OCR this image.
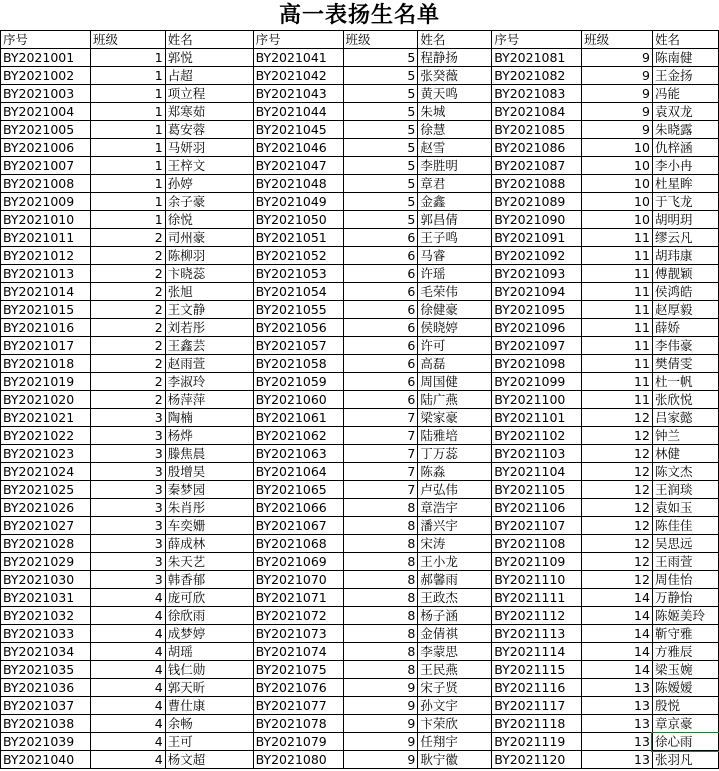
高一表扬生名单
序号	班级	姓名	序号	班级	姓名	序号	班级	姓名
BY2021001	1	郭悦	BY2021041	5	程静扬	BY2021081	9	陈南健
BY2021002	1	占超	BY2021042	5	张癸薇	BY2021082	9	王金扬
BY2021003	1	项立程	BY2021043	5	黄天鸣	BY2021083	9	冯能
BY2021004	1	郑寒茹	BY2021044	5	朱城	BY2021084	9	袁双龙
BY2021005	1	葛安蓉	BY2021045	5	徐慧	BY2021085	9	朱晓露
BY2021006	1	马妍羽	BY2021046	5	赵雪	BY2021086	10	仇梓涵
BY2021007	1	王梓文	BY2021047	5	李胜明	BY2021087	10	李小冉
BY2021008	1	孙婷	BY2021048	5	章君	BY2021088	10	杜星眸
BY2021009	1	余子豪	BY2021049	5	金鑫	BY2021089	10	于飞龙
BY2021010	1	徐悦	BY2021050	5	郭昌倩	BY2021090	10	胡明玥
BY2021011	2	司州豪	BY2021051	6	王子鸣	BY2021091	11	缪云凡
BY2021012	2	陈柳羽	BY2021052	6	马睿	BY2021092	11	胡玮康
BY2021013	2	卞晓蕊	BY2021053	6	许瑶	BY2021093	11	傅靓颖
BY2021014	2	张旭	BY2021054	6	毛荣伟	BY2021094	11	侯鸿皓
BY2021015	2	王文静	BY2021055	6	徐健豪	BY2021095	11	赵厚毅
BY2021016	2	刘若彤	BY2021056	6	侯晓婷	BY2021096	11	薛娇
BY2021017	2	王鑫芸	BY2021057	6	许可	BY2021097	11	李伟豪
BY2021018	2	赵雨萱	BY2021058	6	高磊	BY2021098	11	樊倩雯
BY2021019	2	李淑玲	BY2021059	6	周国健	BY2021099	11	杜一帆
BY2021020	2	杨萍萍	BY2021060	6	陆广燕	BY2021100	11	张欣悦
BY2021021	3	陶楠	BY2021061	7	梁家豪	BY2021101	12	吕家懿
BY2021022	3	杨烨	BY2021062	7	陆雅培	BY2021102	12	钟兰
BY2021023	3	滕焦晨	BY2021063	7	丁万蕊	BY2021103	12	林健
BY2021024	3	殷增昊	BY2021064	7	陈淼	BY2021104	12	陈文杰
BY2021025	3	秦梦园	BY2021065	7	卢弘伟	BY2021105	12	王润琰
BY2021026	3	朱肖彤	BY2021066	8	章浩宇	BY2021106	12	袁如玉
BY2021027	3	车奕姗	BY2021067	8	潘兴宇	BY2021107	12	陈佳佳
BY2021028	3	薛成林	BY2021068	8	宋涛	BY2021108	12	吴思远
BY2021029	3	朱天艺	BY2021069	8	王小龙	BY2021109	12	王雨萱
BY2021030	3	韩香郁	BY2021070	8	郝馨雨	BY2021110	12	周佳怡
BY2021031	4	庞可欣	BY2021071	8	王政杰	BY2021111	14	万静怡
BY2021032	4	徐欣雨	BY2021072	8	杨子涵	BY2021112	14	陈姬美玲
BY2021033	4	成梦婷	BY2021073	8	金倩祺	BY2021113	14	靳守雅
BY2021034	4	胡瑶	BY2021074	8	李蒙思	BY2021114	14	方雅辰
BY2021035	4	钱仁勋	BY2021075	8	王民燕	BY2021115	14	梁玉婉
BY2021036	4	郭天昕	BY2021076	9	宋子贤	BY2021116	13	陈嫒嫒
BY2021037	4	曹仕康	BY2021077	9	孙文宇	BY2021117	13	殷悦
BY2021038	4	余畅	BY2021078	9	卞荣欣	BY2021118	13	章京豪
BY2021039	4	王可	BY2021079	9	任翔宇	BY2021119	13	徐心雨
BY2021040	4	杨文超	BY2021080	9	耿宁徽	BY2021120	13	张羽凡
